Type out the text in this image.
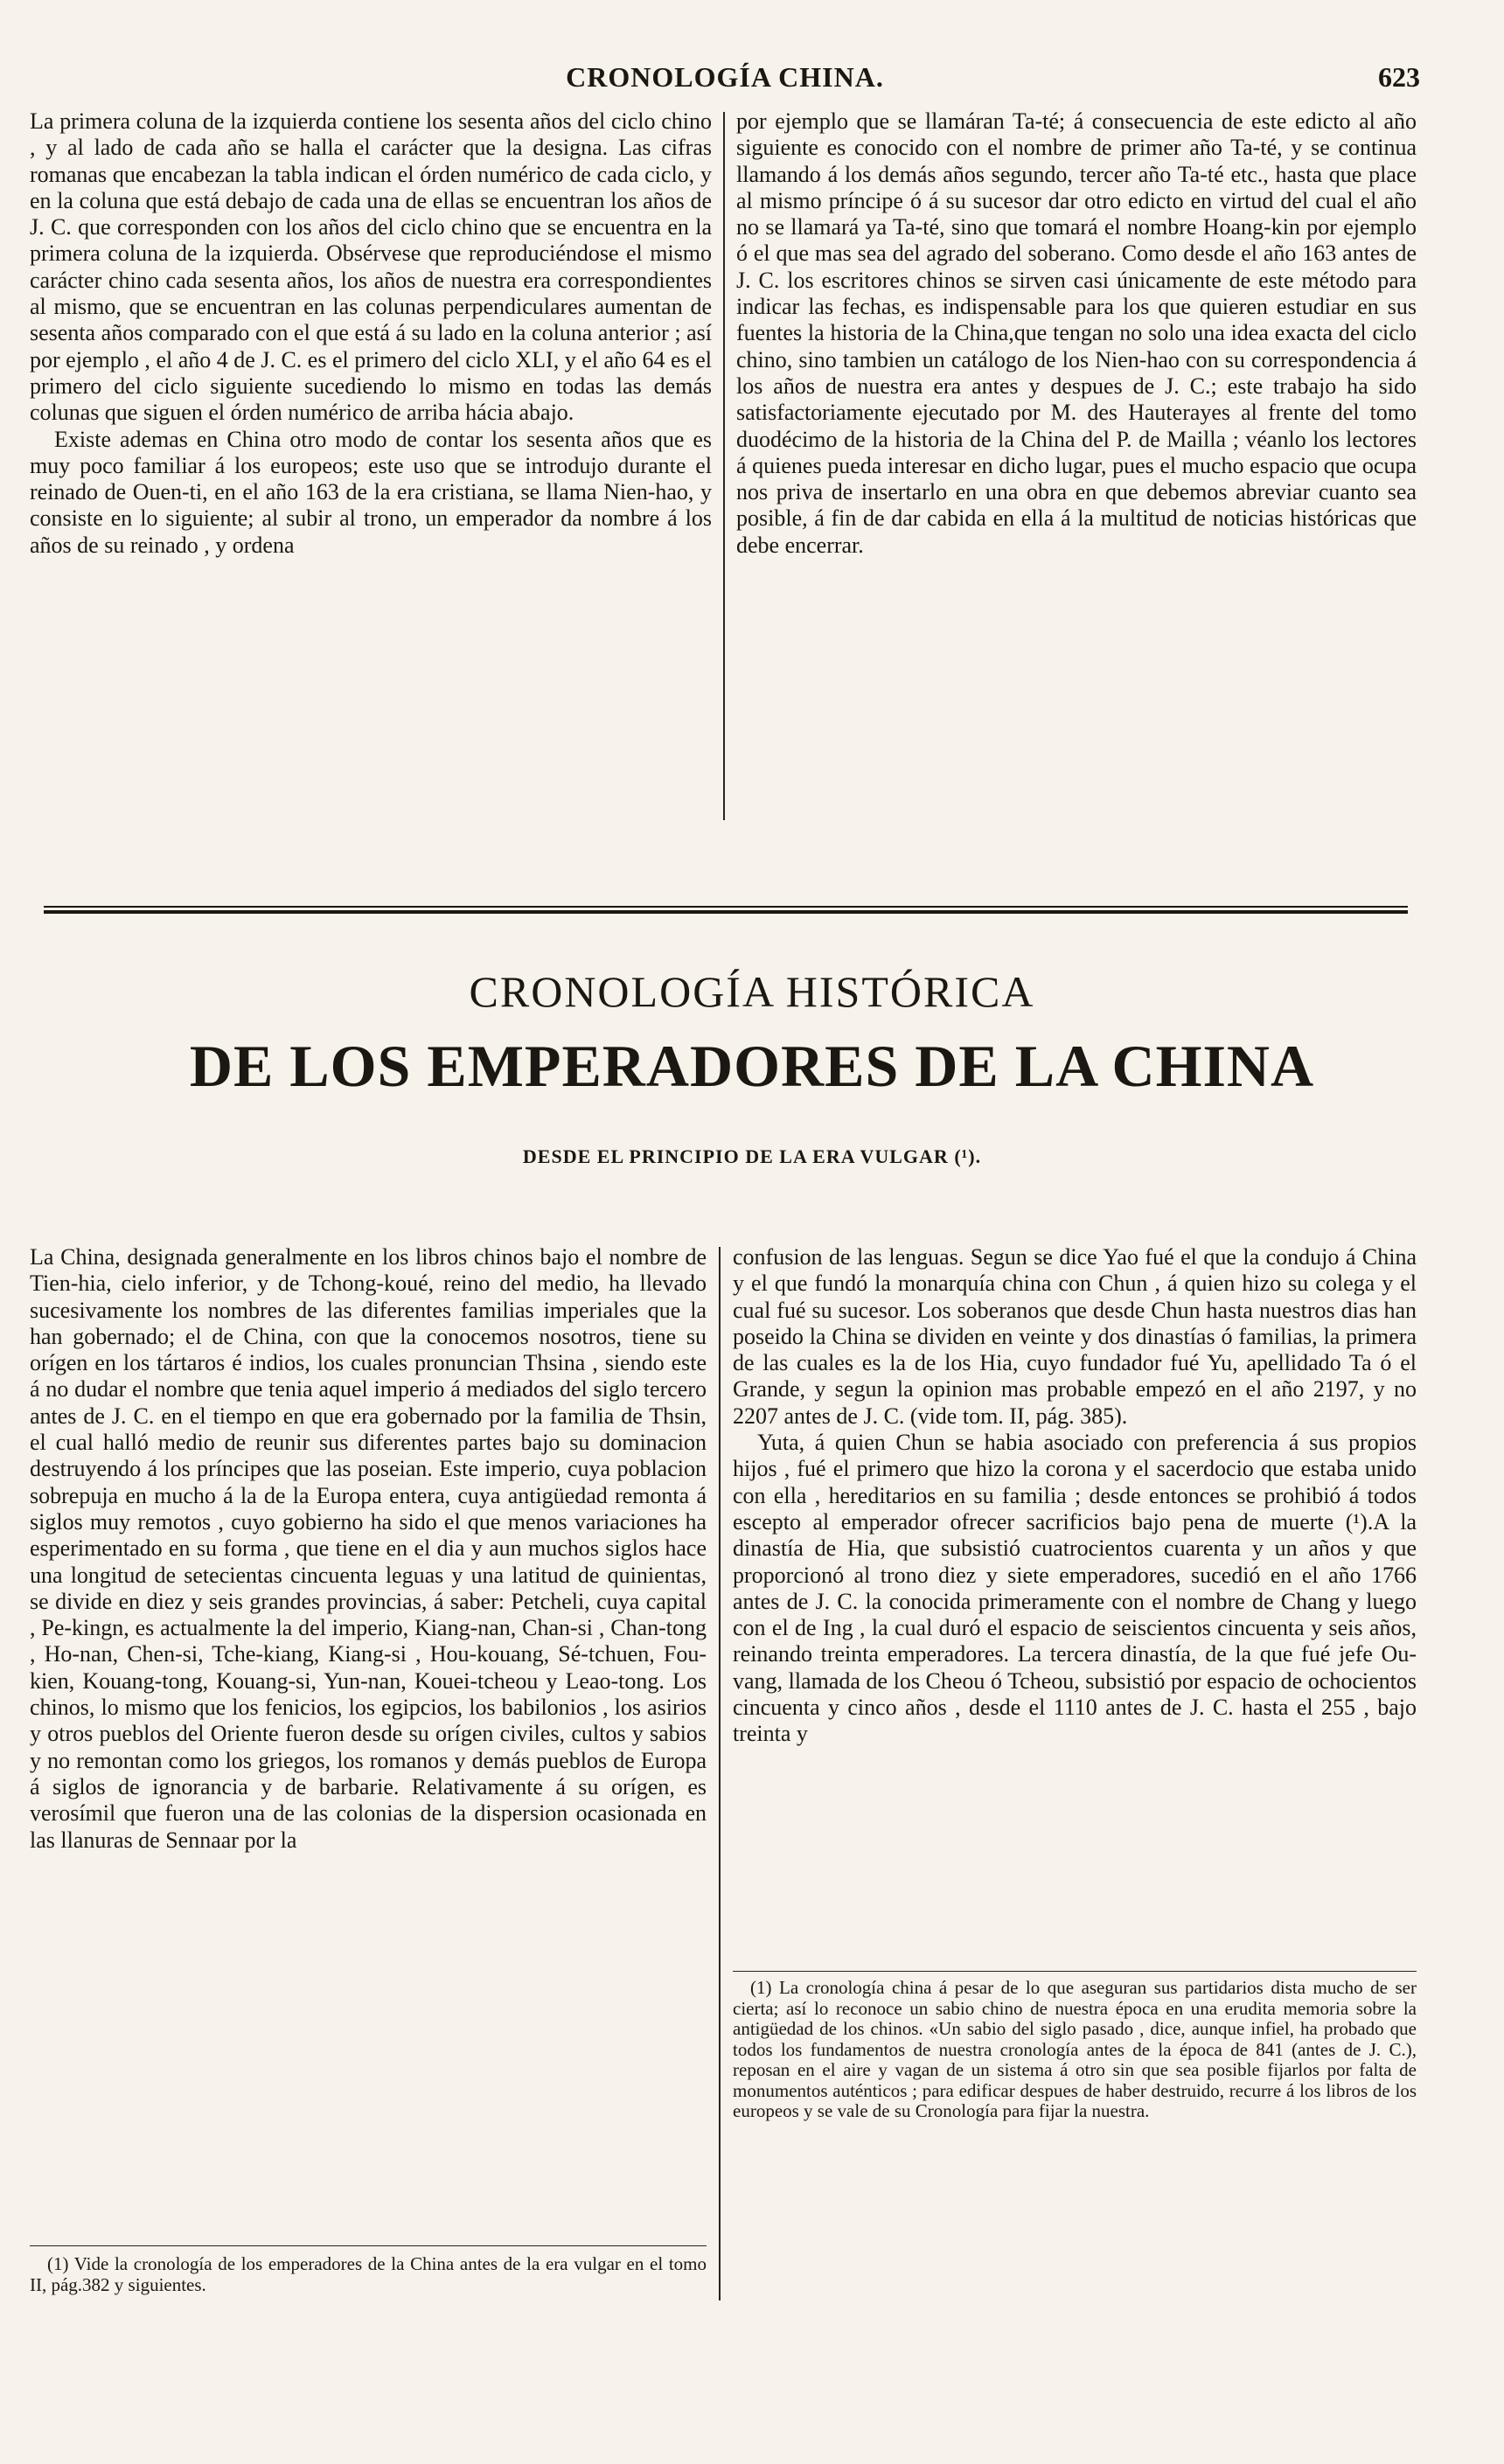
CRONOLOGÍA CHINA.	623

La primera coluna de la izquierda contiene los sesenta años del ciclo chino , y al lado de cada año se halla el carácter que la designa. Las cifras romanas que encabezan la tabla indican el órden numérico de cada ciclo, y en la coluna que está debajo de cada una de ellas se encuentran los años de J. C. que corresponden con los años del ciclo chino que se encuentra en la primera coluna de la izquierda. Obsérvese que reproduciéndose el mismo carácter chino cada sesenta años, los años de nuestra era correspondientes al mismo, que se encuentran en las colunas perpendiculares aumentan de sesenta años comparado con el que está á su lado en la coluna anterior ; así por ejemplo , el año 4 de J. C. es el primero del ciclo XLI, y el año 64 es el primero del ciclo siguiente sucediendo lo mismo en todas las demás colunas que siguen el órden numérico de arriba hácia abajo.

Existe ademas en China otro modo de contar los sesenta años que es muy poco familiar á los europeos; este uso que se introdujo durante el reinado de Ouen-ti, en el año 163 de la era cristiana, se llama Nien-hao, y consiste en lo siguiente; al subir al trono, un emperador da nombre á los años de su reinado , y ordena

por ejemplo que se llamáran Ta-té; á consecuencia de este edicto al año siguiente es conocido con el nombre de primer año Ta-té, y se continua llamando á los demás años segundo, tercer año Ta-té etc., hasta que place al mismo príncipe ó á su sucesor dar otro edicto en virtud del cual el año no se llamará ya Ta-té, sino que tomará el nombre Hoang-kin por ejemplo ó el que mas sea del agrado del soberano. Como desde el año 163 antes de J. C. los escritores chinos se sirven casi únicamente de este método para indicar las fechas, es indispensable para los que quieren estudiar en sus fuentes la historia de la China,que tengan no solo una idea exacta del ciclo chino, sino tambien un catálogo de los Nien-hao con su correspondencia á los años de nuestra era antes y despues de J. C.; este trabajo ha sido satisfactoriamente ejecutado por M. des Hauterayes al frente del tomo duodécimo de la historia de la China del P. de Mailla ; véanlo los lectores á quienes pueda interesar en dicho lugar, pues el mucho espacio que ocupa nos priva de insertarlo en una obra en que debemos abreviar cuanto sea posible, á fin de dar cabida en ella á la multitud de noticias históricas que debe encerrar.

CRONOLOGÍA HISTÓRICA
DE LOS EMPERADORES DE LA CHINA
DESDE EL PRINCIPIO DE LA ERA VULGAR (¹).

La China, designada generalmente en los libros chinos bajo el nombre de Tien-hia, cielo inferior, y de Tchong-koué, reino del medio, ha llevado sucesivamente los nombres de las diferentes familias imperiales que la han gobernado; el de China, con que la conocemos nosotros, tiene su orígen en los tártaros é indios, los cuales pronuncian Thsina , siendo este á no dudar el nombre que tenia aquel imperio á mediados del siglo tercero antes de J. C. en el tiempo en que era gobernado por la familia de Thsin, el cual halló medio de reunir sus diferentes partes bajo su dominacion destruyendo á los príncipes que las poseian. Este imperio, cuya poblacion sobrepuja en mucho á la de la Europa entera, cuya antigüedad remonta á siglos muy remotos , cuyo gobierno ha sido el que menos variaciones ha esperimentado en su forma , que tiene en el dia y aun muchos siglos hace una longitud de setecientas cincuenta leguas y una latitud de quinientas, se divide en diez y seis grandes provincias, á saber: Petcheli, cuya capital , Pe-kingn, es actualmente la del imperio, Kiang-nan, Chan-si , Chan-tong , Ho-nan, Chen-si, Tche-kiang, Kiang-si , Hou-kouang, Sé-tchuen, Fou-kien, Kouang-tong, Kouang-si, Yun-nan, Kouei-tcheou y Leao-tong. Los chinos, lo mismo que los fenicios, los egipcios, los babilonios , los asirios y otros pueblos del Oriente fueron desde su orígen civiles, cultos y sabios y no remontan como los griegos, los romanos y demás pueblos de Europa á siglos de ignorancia y de barbarie. Relativamente á su orígen, es verosímil que fueron una de las colonias de la dispersion ocasionada en las llanuras de Sennaar por la

confusion de las lenguas. Segun se dice Yao fué el que la condujo á China y el que fundó la monarquía china con Chun , á quien hizo su colega y el cual fué su sucesor. Los soberanos que desde Chun hasta nuestros dias han poseido la China se dividen en veinte y dos dinastías ó familias, la primera de las cuales es la de los Hia, cuyo fundador fué Yu, apellidado Ta ó el Grande, y segun la opinion mas probable empezó en el año 2197, y no 2207 antes de J. C. (vide tom. II, pág. 385).

Yuta, á quien Chun se habia asociado con preferencia á sus propios hijos , fué el primero que hizo la corona y el sacerdocio que estaba unido con ella , hereditarios en su familia ; desde entonces se prohibió á todos escepto al emperador ofrecer sacrificios bajo pena de muerte (¹).A la dinastía de Hia, que subsistió cuatrocientos cuarenta y un años y que proporcionó al trono diez y siete emperadores, sucedió en el año 1766 antes de J. C. la conocida primeramente con el nombre de Chang y luego con el de Ing , la cual duró el espacio de seiscientos cincuenta y seis años, reinando treinta emperadores. La tercera dinastía, de la que fué jefe Ou-vang, llamada de los Cheou ó Tcheou, subsistió por espacio de ochocientos cincuenta y cinco años , desde el 1110 antes de J. C. hasta el 255 , bajo treinta y

(1) Vide la cronología de los emperadores de la China antes de la era vulgar en el tomo II, pág.382 y siguientes.

(1) La cronología china á pesar de lo que aseguran sus partidarios dista mucho de ser cierta; así lo reconoce un sabio chino de nuestra época en una erudita memoria sobre la antigüedad de los chinos. «Un sabio del siglo pasado , dice, aunque infiel, ha probado que todos los fundamentos de nuestra cronología antes de la época de 841 (antes de J. C.), reposan en el aire y vagan de un sistema á otro sin que sea posible fijarlos por falta de monumentos auténticos ; para edificar despues de haber destruido, recurre á los libros de los europeos y se vale de su Cronología para fijar la nuestra.
